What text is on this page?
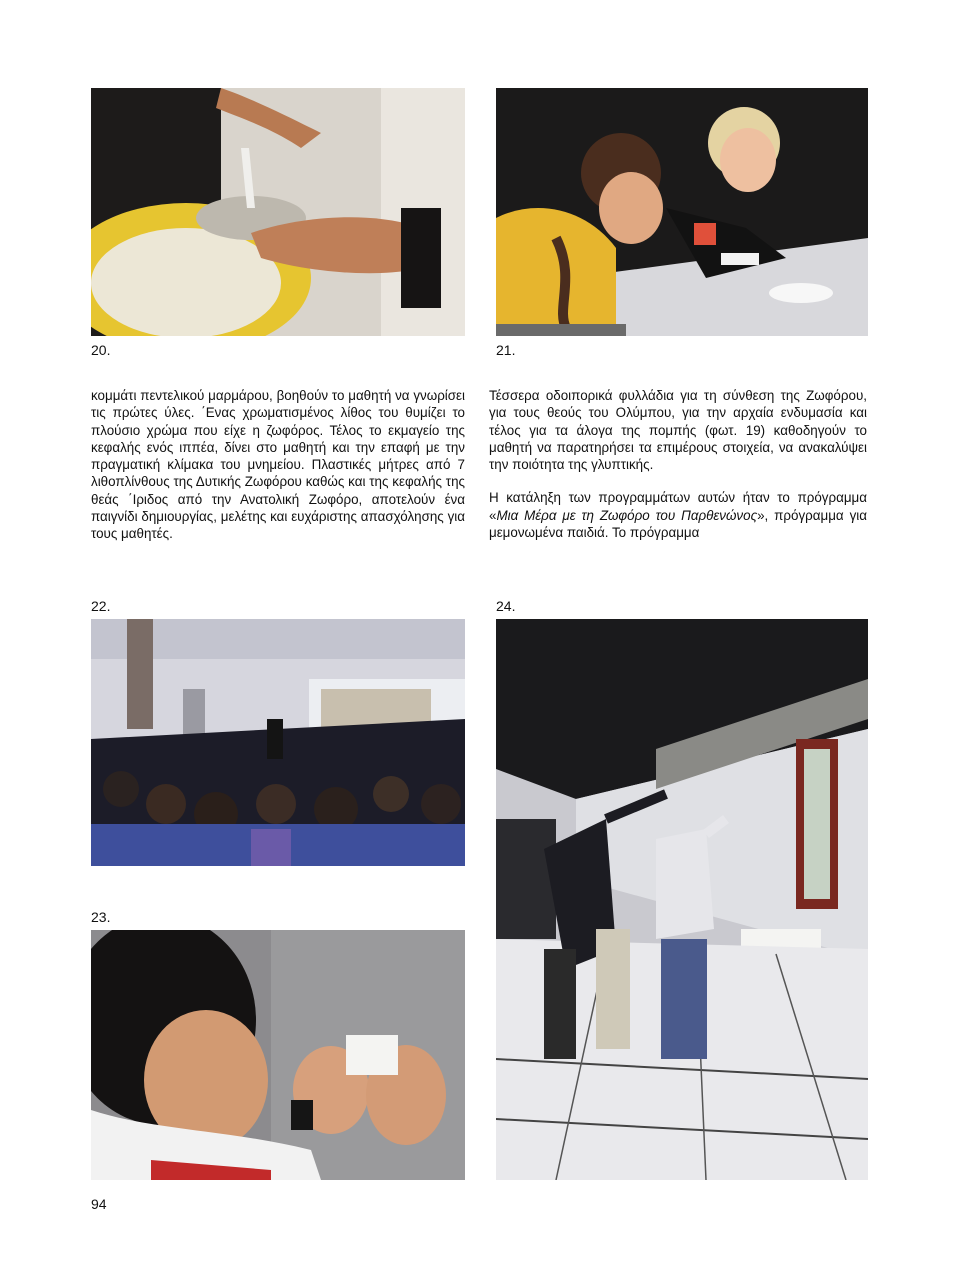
20.	21.

κομμάτι πεντελικού μαρμάρου, βοηθούν το μαθητή να γνωρίσει τις πρώτες ύλες. ΄Ενας χρωματισμένος λίθος του θυμίζει το πλούσιο χρώμα που είχε η ζωφόρος. Τέλος το εκμαγείο της κεφαλής ενός ιππέα, δίνει στο μαθητή και την επαφή με την πραγματική κλίμακα του μνημείου. Πλαστικές μήτρες από 7 λιθοπλίνθους της Δυτικής Ζωφόρου καθώς και της κεφαλής της θεάς ΄Ιριδος από την Ανατολική Ζωφόρο, αποτελούν ένα παιγνίδι δημιουργίας, μελέτης και ευχάριστης απασχόλησης για τους μαθητές.

Τέσσερα οδοιπορικά φυλλάδια για τη σύνθεση της Ζωφόρου, για τους θεούς του Ολύμπου, για την αρχαία ενδυμασία και τέλος για τα άλογα της πομπής (φωτ. 19) καθοδηγούν το μαθητή να παρατηρήσει τα επιμέρους στοιχεία, να ανακαλύψει την ποιότητα της γλυπτικής.

Η κατάληξη των προγραμμάτων αυτών ήταν το πρόγραμμα «Μια Μέρα με τη Ζωφόρο του Παρθενώνος», πρόγραμμα για μεμονωμένα παιδιά. Το πρόγραμμα

22.
23.
24.
94
